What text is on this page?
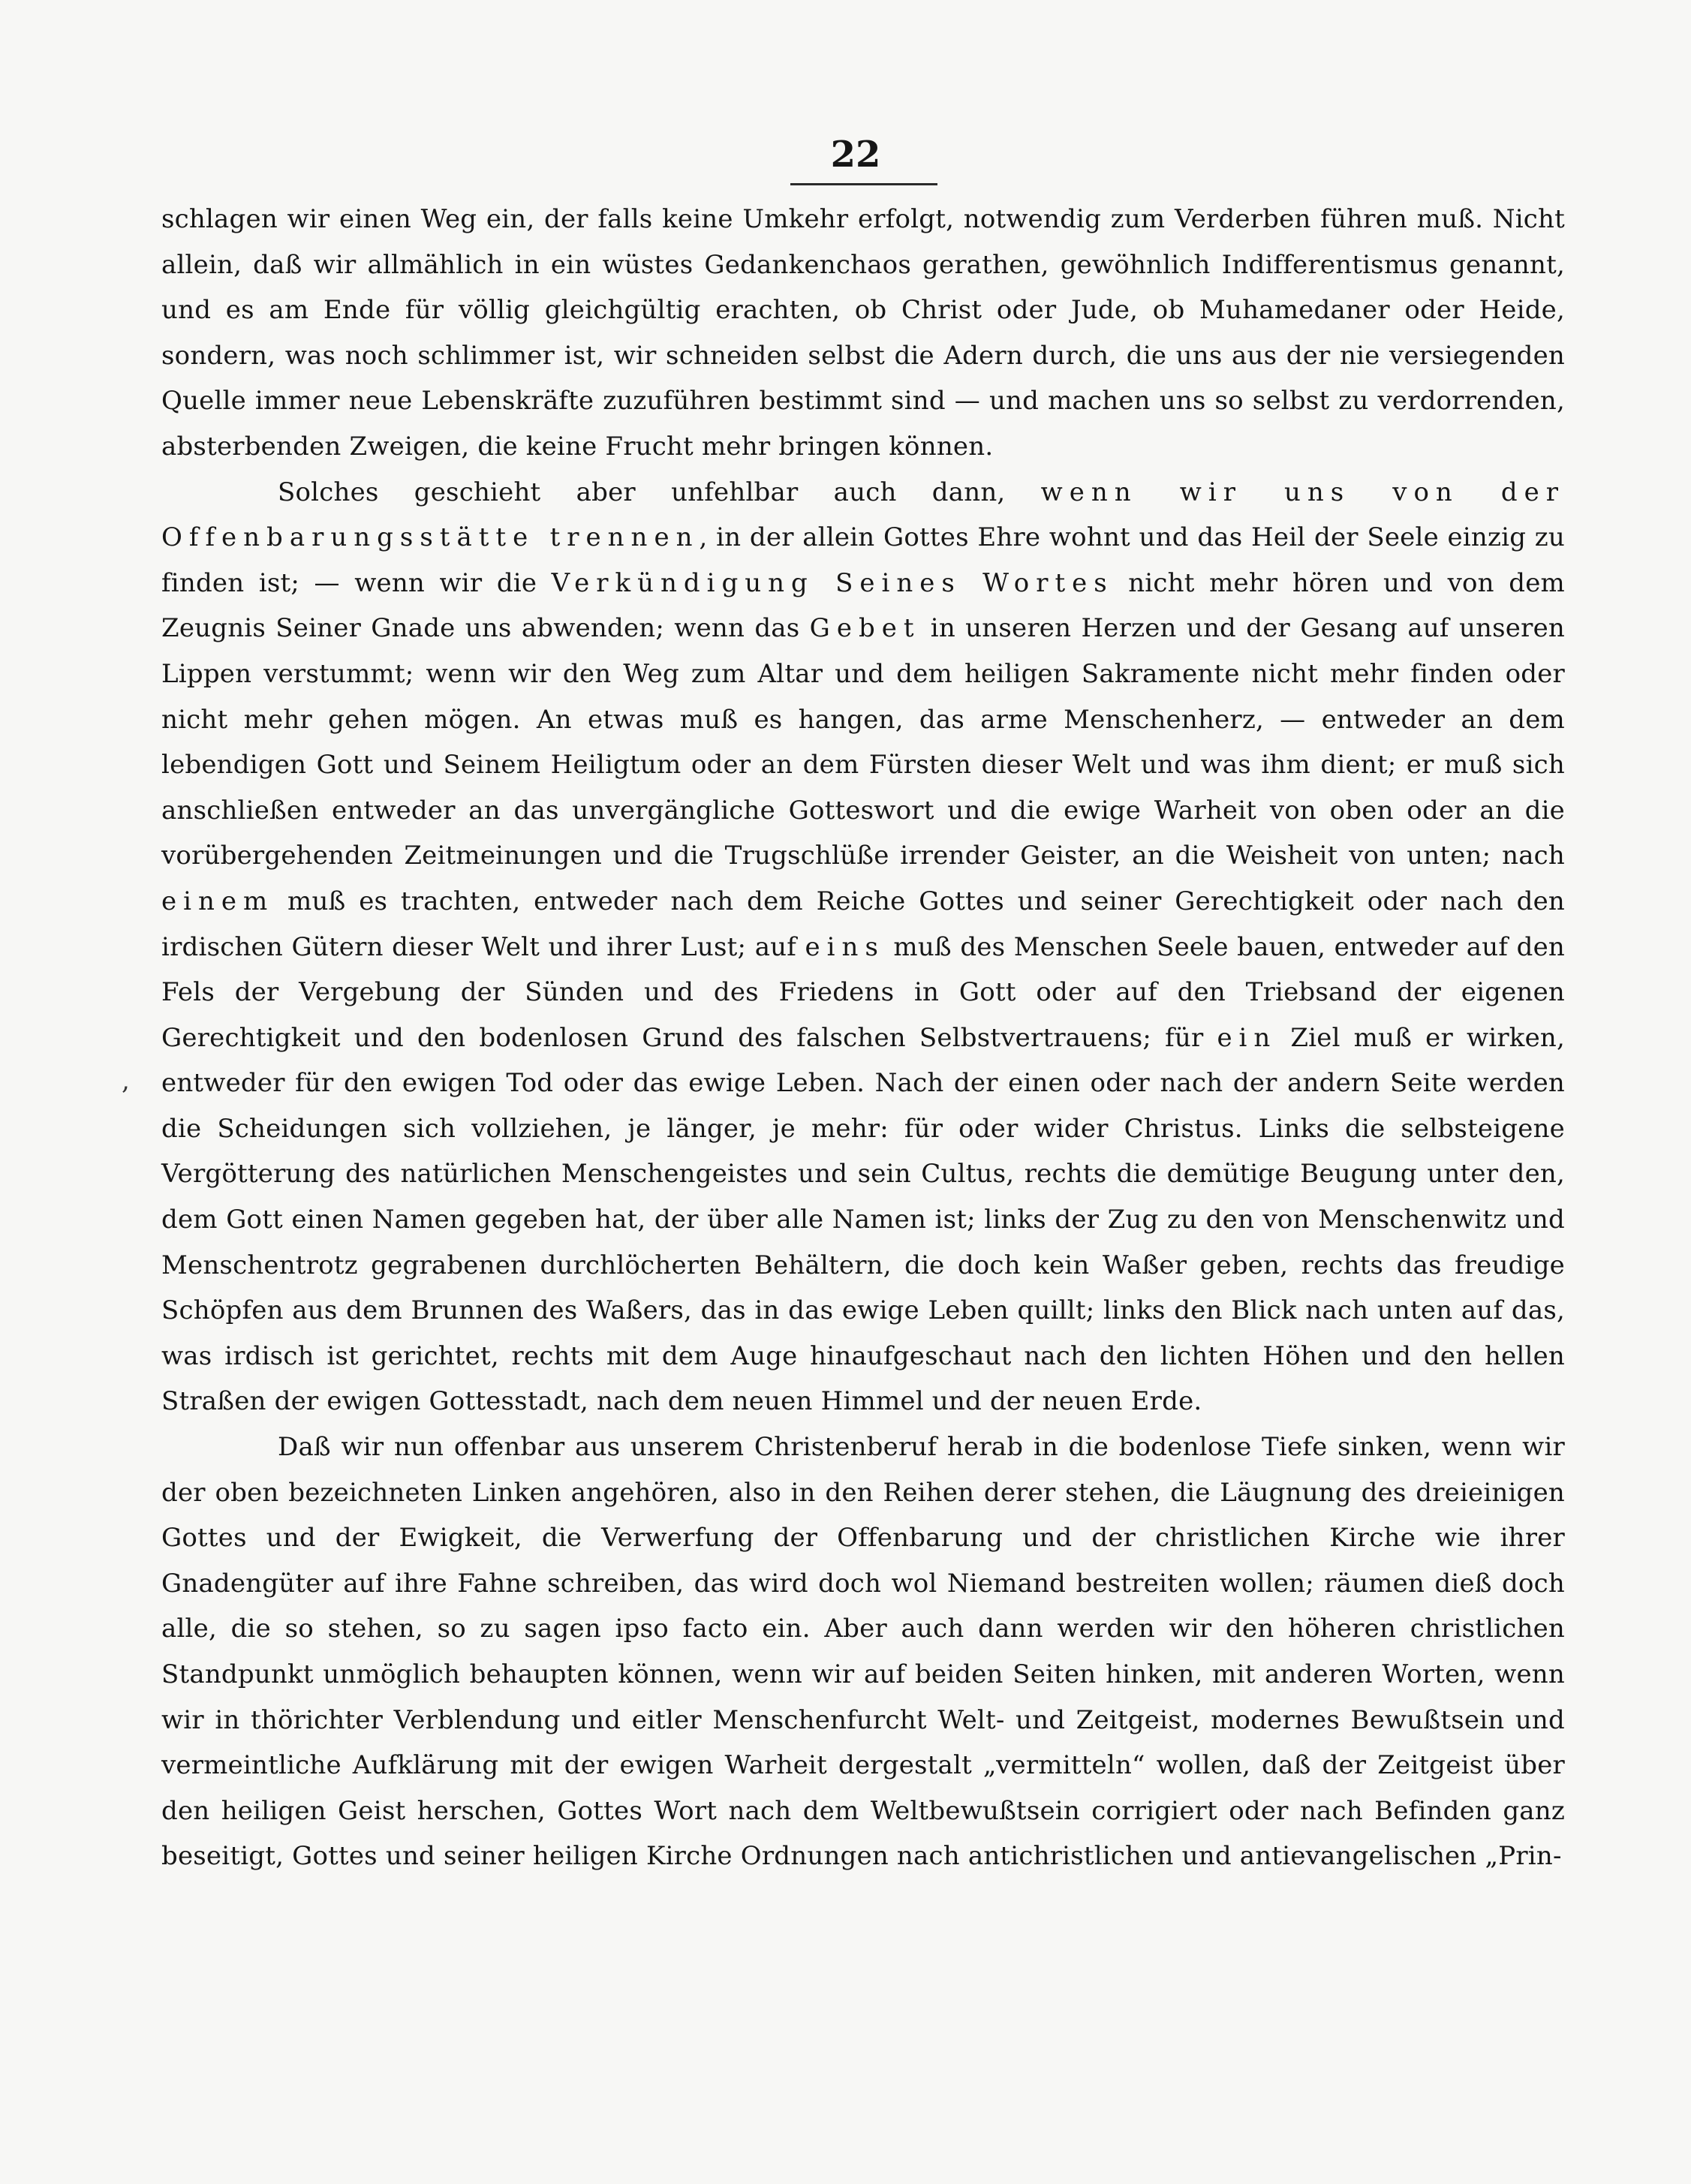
22
,

schlagen wir einen Weg ein, der falls keine Umkehr erfolgt, notwendig zum Verderben führen muß. Nicht allein, daß wir allmählich in ein wüstes Gedankenchaos gerathen, gewöhnlich Indifferentismus genannt, und es am Ende für völlig gleichgültig erachten, ob Christ oder Jude, ob Muhamedaner oder Heide, sondern, was noch schlimmer ist, wir schneiden selbst die Adern durch, die uns aus der nie versiegenden Quelle immer neue Lebenskräfte zuzuführen bestimmt sind — und machen uns so selbst zu verdorrenden, absterbenden Zweigen, die keine Frucht mehr bringen können.

Solches geschieht aber unfehlbar auch dann, wenn wir uns von der Offenbarungsstätte trennen, in der allein Gottes Ehre wohnt und das Heil der Seele einzig zu finden ist; — wenn wir die Verkündigung Seines Wortes nicht mehr hören und von dem Zeugnis Seiner Gnade uns abwenden; wenn das Gebet in unseren Herzen und der Gesang auf unseren Lippen verstummt; wenn wir den Weg zum Altar und dem heiligen Sakramente nicht mehr finden oder nicht mehr gehen mögen. An etwas muß es hangen, das arme Menschenherz, — entweder an dem lebendigen Gott und Seinem Heiligtum oder an dem Fürsten dieser Welt und was ihm dient; er muß sich anschließen entweder an das unvergängliche Gotteswort und die ewige Warheit von oben oder an die vorübergehenden Zeitmeinungen und die Trugschlüße irrender Geister, an die Weisheit von unten; nach einem muß es trachten, entweder nach dem Reiche Gottes und seiner Gerechtigkeit oder nach den irdischen Gütern dieser Welt und ihrer Lust; auf eins muß des Menschen Seele bauen, entweder auf den Fels der Vergebung der Sünden und des Friedens in Gott oder auf den Triebsand der eigenen Gerechtigkeit und den bodenlosen Grund des falschen Selbstvertrauens; für ein Ziel muß er wirken, entweder für den ewigen Tod oder das ewige Leben. Nach der einen oder nach der andern Seite werden die Scheidungen sich vollziehen, je länger, je mehr: für oder wider Christus. Links die selbsteigene Vergötterung des natürlichen Menschengeistes und sein Cultus, rechts die demütige Beugung unter den, dem Gott einen Namen gegeben hat, der über alle Namen ist; links der Zug zu den von Menschenwitz und Menschentrotz gegrabenen durchlöcherten Behältern, die doch kein Waßer geben, rechts das freudige Schöpfen aus dem Brunnen des Waßers, das in das ewige Leben quillt; links den Blick nach unten auf das, was irdisch ist gerichtet, rechts mit dem Auge hinaufgeschaut nach den lichten Höhen und den hellen Straßen der ewigen Gottesstadt, nach dem neuen Himmel und der neuen Erde.

Daß wir nun offenbar aus unserem Christenberuf herab in die bodenlose Tiefe sinken, wenn wir der oben bezeichneten Linken angehören, also in den Reihen derer stehen, die Läugnung des dreieinigen Gottes und der Ewigkeit, die Verwerfung der Offenbarung und der christlichen Kirche wie ihrer Gnadengüter auf ihre Fahne schreiben, das wird doch wol Niemand bestreiten wollen; räumen dieß doch alle, die so stehen, so zu sagen ipso facto ein. Aber auch dann werden wir den höheren christlichen Standpunkt unmöglich behaupten können, wenn wir auf beiden Seiten hinken, mit anderen Worten, wenn wir in thörichter Verblendung und eitler Menschenfurcht Welt- und Zeitgeist, modernes Bewußtsein und vermeintliche Aufklärung mit der ewigen Warheit dergestalt „vermitteln“ wollen, daß der Zeitgeist über den heiligen Geist herschen, Gottes Wort nach dem Weltbewußtsein corrigiert oder nach Befinden ganz beseitigt, Gottes und seiner heiligen Kirche Ordnungen nach antichristlichen und antievangelischen „Prin-
